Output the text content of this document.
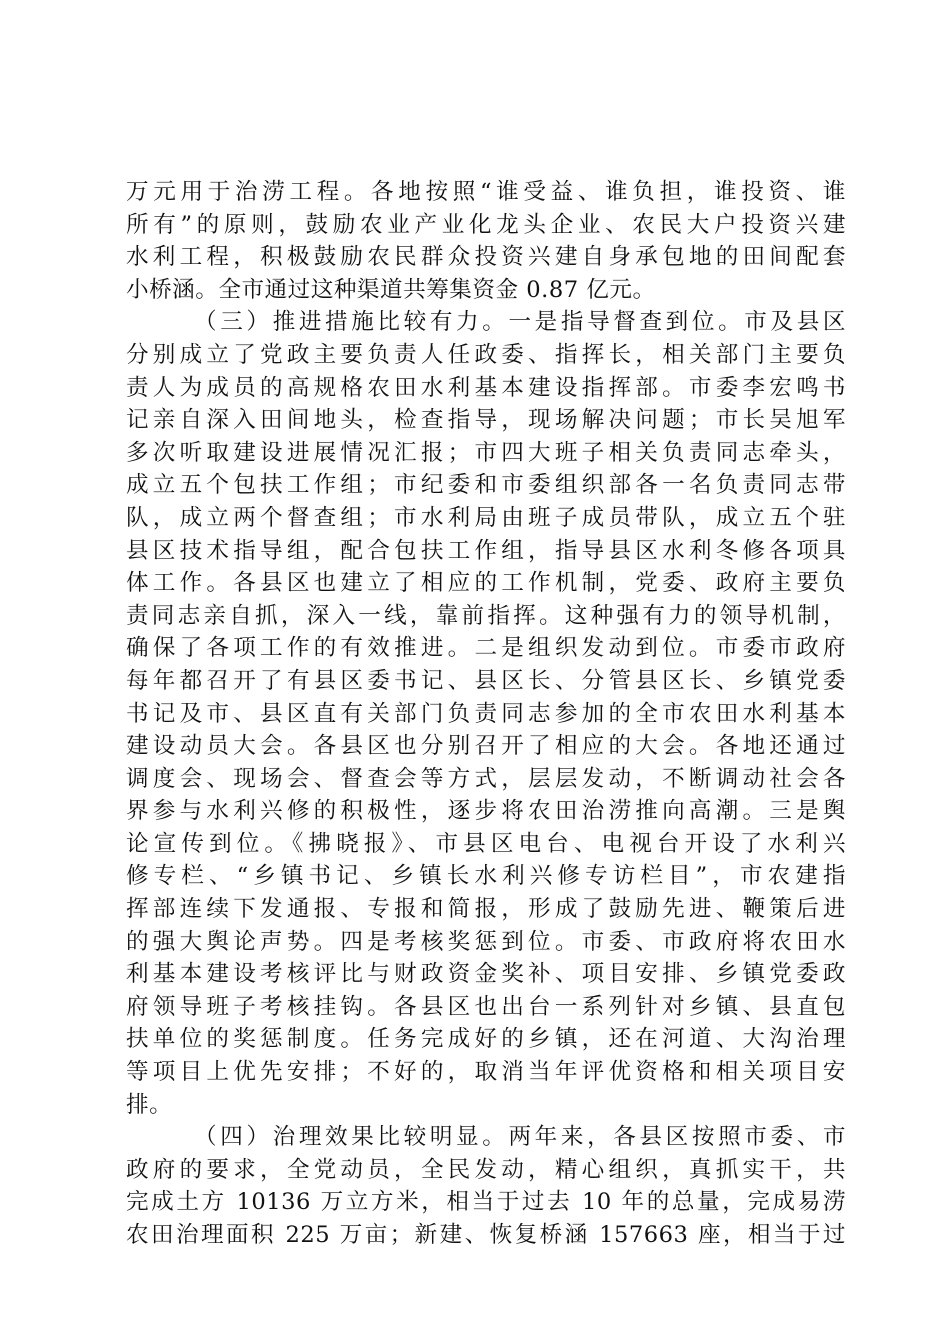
万元用于治涝工程。各地按照“谁受益、谁负担，谁投资、谁
所有”的原则，鼓励农业产业化龙头企业、农民大户投资兴建
水利工程，积极鼓励农民群众投资兴建自身承包地的田间配套
小桥涵。全市通过这种渠道共筹集资金 0.87 亿元。
（三）推进措施比较有力。一是指导督查到位。市及县区
分别成立了党政主要负责人任政委、指挥长，相关部门主要负
责人为成员的高规格农田水利基本建设指挥部。市委李宏鸣书
记亲自深入田间地头，检查指导，现场解决问题；市长吴旭军
多次听取建设进展情况汇报；市四大班子相关负责同志牵头，
成立五个包扶工作组；市纪委和市委组织部各一名负责同志带
队，成立两个督查组；市水利局由班子成员带队，成立五个驻
县区技术指导组，配合包扶工作组，指导县区水利冬修各项具
体工作。各县区也建立了相应的工作机制，党委、政府主要负
责同志亲自抓，深入一线，靠前指挥。这种强有力的领导机制，
确保了各项工作的有效推进。二是组织发动到位。市委市政府
每年都召开了有县区委书记、县区长、分管县区长、乡镇党委
书记及市、县区直有关部门负责同志参加的全市农田水利基本
建设动员大会。各县区也分别召开了相应的大会。各地还通过
调度会、现场会、督查会等方式，层层发动，不断调动社会各
界参与水利兴修的积极性，逐步将农田治涝推向高潮。三是舆
论宣传到位。《拂晓报》、市县区电台、电视台开设了水利兴
修专栏、“乡镇书记、乡镇长水利兴修专访栏目”，市农建指
挥部连续下发通报、专报和简报，形成了鼓励先进、鞭策后进
的强大舆论声势。四是考核奖惩到位。市委、市政府将农田水
利基本建设考核评比与财政资金奖补、项目安排、乡镇党委政
府领导班子考核挂钩。各县区也出台一系列针对乡镇、县直包
扶单位的奖惩制度。任务完成好的乡镇，还在河道、大沟治理
等项目上优先安排；不好的，取消当年评优资格和相关项目安
排。
（四）治理效果比较明显。两年来，各县区按照市委、市
政府的要求，全党动员，全民发动，精心组织，真抓实干，共
完成土方 10136 万立方米，相当于过去 10 年的总量，完成易涝
农田治理面积 225 万亩；新建、恢复桥涵 157663 座，相当于过
